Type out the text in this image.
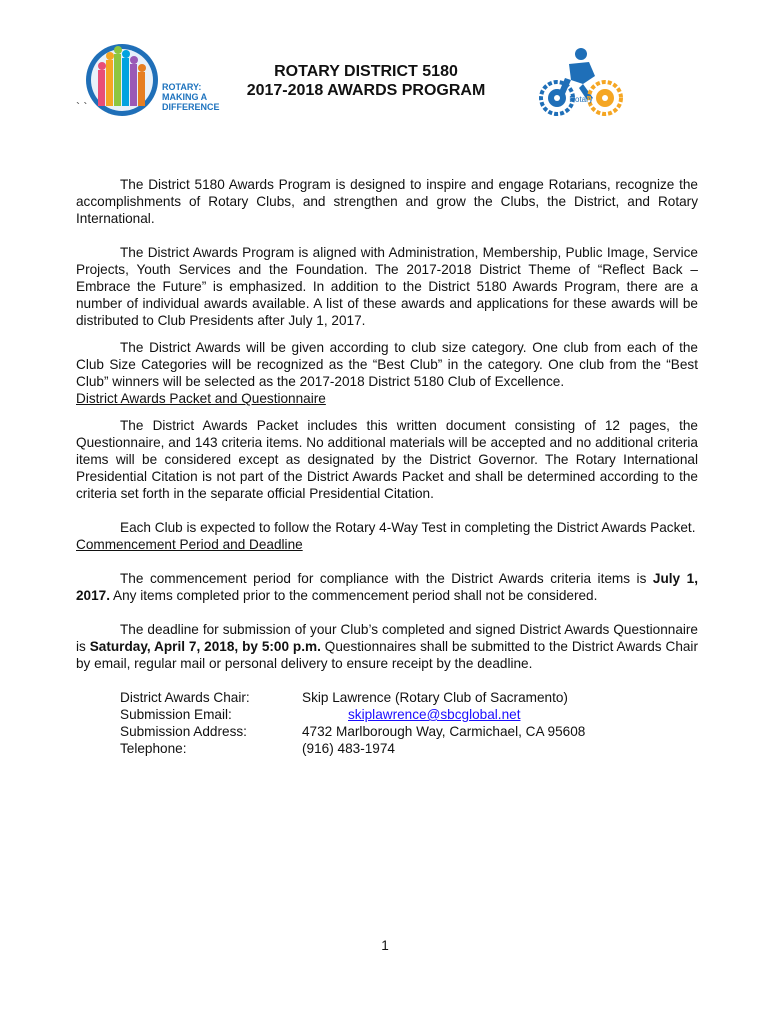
ROTARY:
MAKING A
DIFFERENCE
` `
ROTARY DISTRICT 5180
2017-2018 AWARDS PROGRAM
Rotary

The District 5180 Awards Program is designed to inspire and engage Rotarians, recognize the accomplishments of Rotary Clubs, and strengthen and grow the Clubs, the District, and Rotary International.

The District Awards Program is aligned with Administration, Membership, Public Image, Service Projects, Youth Services and the Foundation. The 2017-2018 District Theme of “Reflect Back – Embrace the Future” is emphasized. In addition to the District 5180 Awards Program, there are a number of individual awards available. A list of these awards and applications for these awards will be distributed to Club Presidents after July 1, 2017.

The District Awards will be given according to club size category. One club from each of the Club Size Categories will be recognized as the “Best Club” in the category. One club from the “Best Club” winners will be selected as the 2017-2018 District 5180 Club of Excellence.

District Awards Packet and Questionnaire

The District Awards Packet includes this written document consisting of 12 pages, the Questionnaire, and 143 criteria items. No additional materials will be accepted and no additional criteria items will be considered except as designated by the District Governor. The Rotary International Presidential Citation is not part of the District Awards Packet and shall be determined according to the criteria set forth in the separate official Presidential Citation.

Each Club is expected to follow the Rotary 4-Way Test in completing the District Awards Packet.

Commencement Period and Deadline

The commencement period for compliance with the District Awards criteria items is July 1, 2017. Any items completed prior to the commencement period shall not be considered.

The deadline for submission of your Club’s completed and signed District Awards Questionnaire is Saturday, April 7, 2018, by 5:00 p.m. Questionnaires shall be submitted to the District Awards Chair by email, regular mail or personal delivery to ensure receipt by the deadline.

District Awards Chair:	Skip Lawrence (Rotary Club of Sacramento)
Submission Email:	skiplawrence@sbcglobal.net
Submission Address:	4732 Marlborough Way, Carmichael, CA 95608
Telephone:	(916) 483-1974
1
